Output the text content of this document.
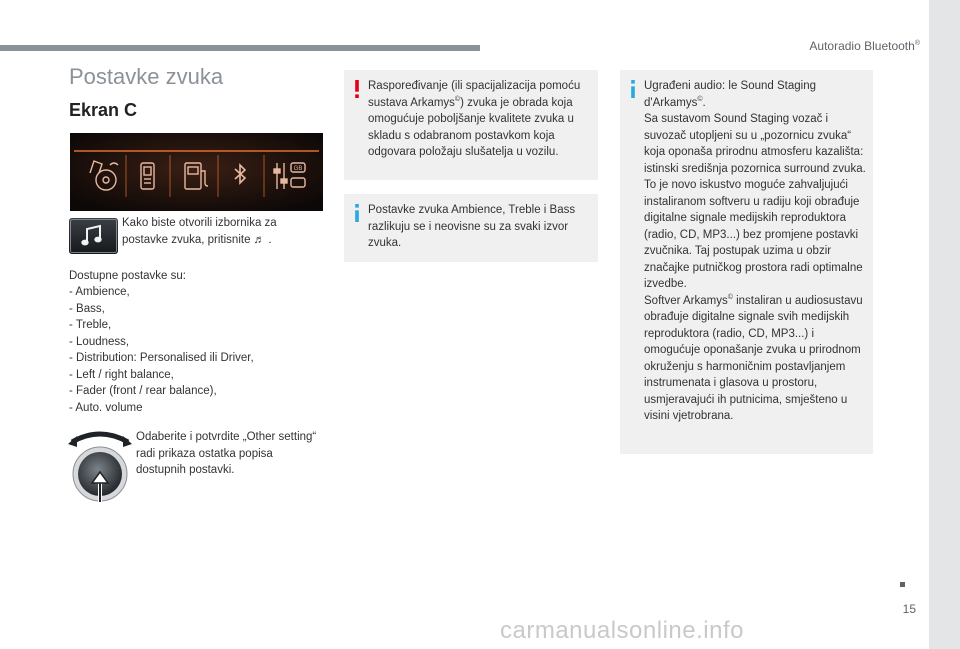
Autoradio Bluetooth®
Postavke zvuka
Ekran C
GB

Kako biste otvorili izbornika za postavke zvuka, pritisnite ♬ .

Dostupne postavke su:

- Ambience,
- Bass,
- Treble,
- Loudness,
- Distribution: Personalised ili Driver,
- Left / right balance,
- Fader (front / rear balance),
- Auto. volume

Odaberite i potvrdite „Other setting“ radi prikaza ostatka popisa dostupnih postavki.

Raspoređivanje (ili spacijalizacija pomoću sustava Arkamys©) zvuka je obrada koja omogućuje poboljšanje kvalitete zvuka u skladu s odabranom postavkom koja odgovara položaju slušatelja u vozilu.

Postavke zvuka Ambience, Treble i Bass razlikuju se i neovisne su za svaki izvor zvuka.

Ugrađeni audio: le Sound Staging d'Arkamys©.
Sa sustavom Sound Staging vozač i suvozač utopljeni su u „pozornicu zvuka“ koja oponaša prirodnu atmosferu kazališta: istinski središnja pozornica surround zvuka.
To je novo iskustvo moguće zahvaljujući instaliranom softveru u radiju koji obrađuje digitalne signale medijskih reproduktora (radio, CD, MP3...) bez promjene postavki zvučnika. Taj postupak uzima u obzir značajke putničkog prostora radi optimalne izvedbe.
Softver Arkamys© instaliran u audiosustavu obrađuje digitalne signale svih medijskih reproduktora (radio, CD, MP3...) i omogućuje oponašanje zvuka u prirodnom okruženju s harmoničnim postavljanjem instrumenata i glasova u prostoru, usmjeravajući ih putnicima, smješteno u visini vjetrobrana.
15
carmanualsonline.info
